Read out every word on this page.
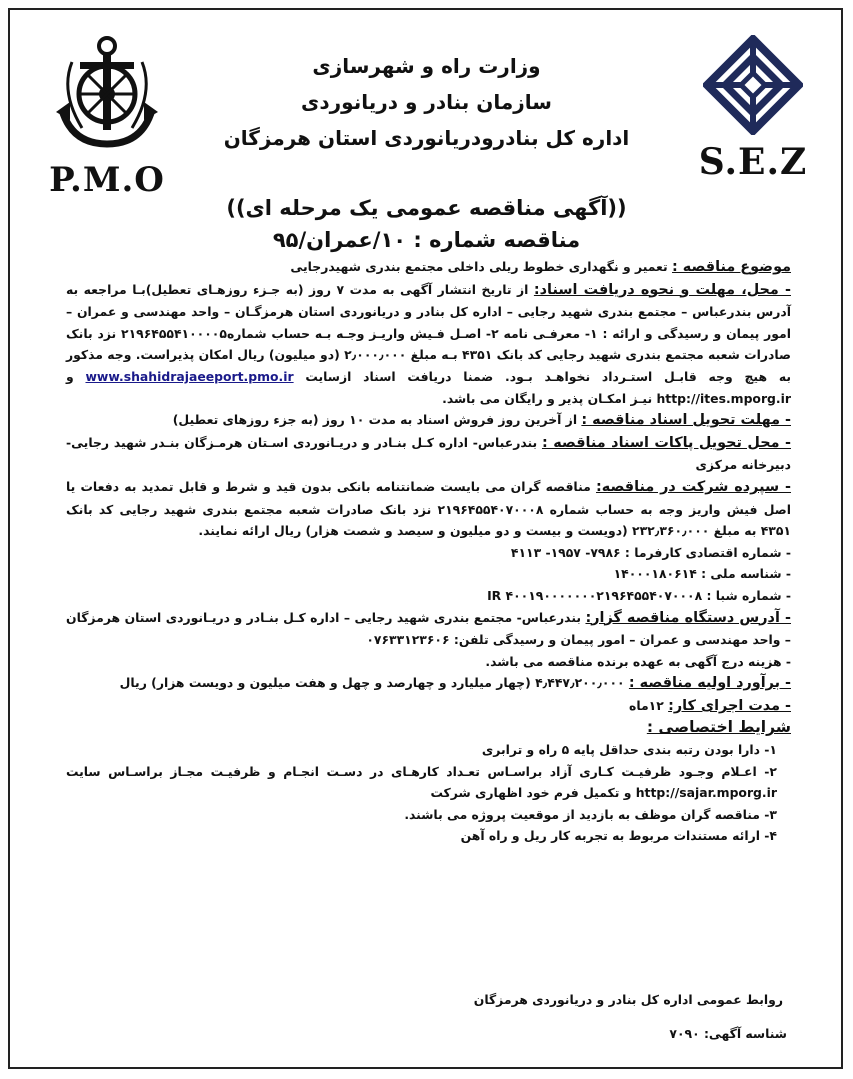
P.M.O	S.E.Z
وزارت راه و شهرسازی
سازمان بنادر و دریانوردی
اداره کل بنادرودریانوردی استان هرمزگان
((آگهی مناقصه عمومی یک مرحله ای))
مناقصه شماره : ۱۰/عمران/۹۵

موضوع مناقصه : تعمیر و نگهداری خطوط ریلی داخلی مجتمع بندری شهیدرجایی

- محل، مهلت و نحوه دریافت اسناد: از تاریخ انتشار آگهی به مدت ۷ روز (به جـزء روزهـای تعطیل)بـا مراجعه به آدرس بندرعباس – مجتمع بندری شهید رجایی – اداره کل بنادر و دریانوردی استان هرمزگـان – واحد مهندسی و عمران – امور پیمان و رسیدگی و ارائه : ۱- معرفـی نامه ۲- اصـل فـیش واریـز وجـه بـه حساب شماره۲۱۹۶۴۵۵۴۱۰۰۰۰۵ نزد بانک صادرات شعبه مجتمع بندری شهید رجایی کد بانک ۴۳۵۱ بـه مبلغ ۲٫۰۰۰٫۰۰۰ (دو میلیون) ریال امکان پذیراست. وجه مذکور به هیچ وجه قابـل استـرداد نخواهـد بـود. ضمنا دریافت اسناد ازسایت www.shahidrajaeeport.pmo.ir و http://ites.mporg.ir نیـز امکـان پذیر و رایگان می باشد.

- مهلت تحویل اسناد مناقصه : از آخرین روز فروش اسناد به مدت ۱۰ روز (به جزء روزهای تعطیل)

- محل تحویل پاکات اسناد مناقصه : بندرعباس- اداره کـل بنـادر و دریـانوردی اسـتان هرمـزگان بنـدر شهید رجایی- دبیرخانه مرکزی

- سپرده شرکت در مناقصه: مناقصه گران می بایست ضمانتنامه بانکی بدون قید و شرط و قابل تمدید به دفعات یا اصل فیش واریز وجه به حساب شماره ۲۱۹۶۴۵۵۴۰۷۰۰۰۸ نزد بانک صادرات شعبه مجتمع بندری شهید رجایی کد بانک ۴۳۵۱ به مبلغ ۲۳۲٫۳۶۰٫۰۰۰ (دویست و بیست و دو میلیون و سیصد و شصت هزار) ریال ارائه نمایند.

- شماره اقتصادی کارفرما : ۷۹۸۶- ۱۹۵۷- ۴۱۱۳

- شناسه ملی : ۱۴۰۰۰۱۸۰۶۱۴

- شماره شبا : IR ۴۰۰۱۹۰۰۰۰۰۰۰۲۱۹۶۴۵۵۴۰۷۰۰۰۸

- آدرس دستگاه مناقصه گزار: بندرعباس- مجتمع بندری شهید رجایی – اداره کـل بنـادر و دریـانوردی استان هرمزگان – واحد مهندسی و عمران – امور پیمان و رسیدگی تلفن: ۰۷۶۳۳۱۲۳۶۰۶

- هزینه درج آگهی به عهده برنده مناقصه می باشد.

- برآورد اولیه مناقصه : ۴٫۴۴۷٫۲۰۰٫۰۰۰ (چهار میلیارد و چهارصد و چهل و هفت میلیون و دویست هزار) ریال

- مدت اجرای کار: ۱۲ماه

شرایط اختصاصی :

۱- دارا بودن رتبه بندی حداقل پایه ۵ راه و ترابری

۲- اعـلام وجـود ظرفیـت کـاری آزاد براسـاس تعـداد کارهـای در دسـت انجـام و ظرفیـت مجـاز براسـاس سایت http://sajar.mporg.ir و تکمیل فرم خود اظهاری شرکت

۳- مناقصه گران موظف به بازدید از موقعیت پروژه می باشند.

۴- ارائه مستندات مربوط به تجربه کار ریل و راه آهن

روابط عمومی اداره کل بنادر و دریانوردی هرمزگان
شناسه آگهی: ۷۰۹۰
